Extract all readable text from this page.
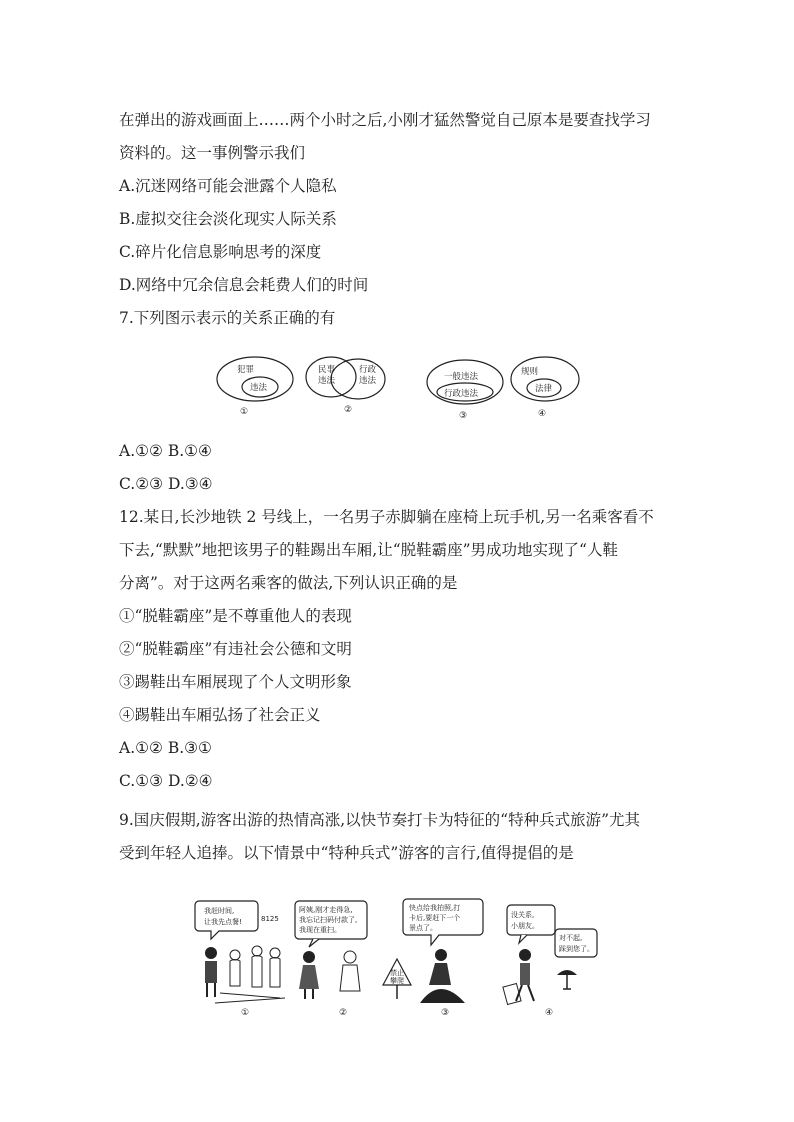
在弹出的游戏画面上……两个小时之后,小刚才猛然警觉自己原本是要查找学习
资料的。这一事例警示我们
A.沉迷网络可能会泄露个人隐私
B.虚拟交往会淡化现实人际关系
C.碎片化信息影响思考的深度
D.网络中冗余信息会耗费人们的时间
7.下列图示表示的关系正确的有
犯罪
违法
①
民事
违法
行政
违法
②
一般违法
行政违法
③
规则
法律
④
A.①② B.①④
C.②③ D.③④
12.某日,长沙地铁 2 号线上，一名男子赤脚躺在座椅上玩手机,另一名乘客看不
下去,“默默”地把该男子的鞋踢出车厢,让“脱鞋霸座”男成功地实现了“人鞋
分离”。对于这两名乘客的做法,下列认识正确的是
①“脱鞋霸座”是不尊重他人的表现
②“脱鞋霸座”有违社会公德和文明
③踢鞋出车厢展现了个人文明形象
④踢鞋出车厢弘扬了社会正义
A.①② B.③①
C.①③ D.②④
9.国庆假期,游客出游的热情高涨,以快节奏打卡为特征的“特种兵式旅游”尤其
受到年轻人追捧。以下情景中“特种兵式”游客的言行,值得提倡的是
我赶时间,
让我先点餐!	8125
①
阿姨,刚才走得急,
我忘记扫码付款了,
我现在重扫。
②
快点给我拍照,打
卡后,要赶下一个
景点了。
禁止
攀爬
③
没关系,
小朋友。
对不起,
踩到您了。
④
